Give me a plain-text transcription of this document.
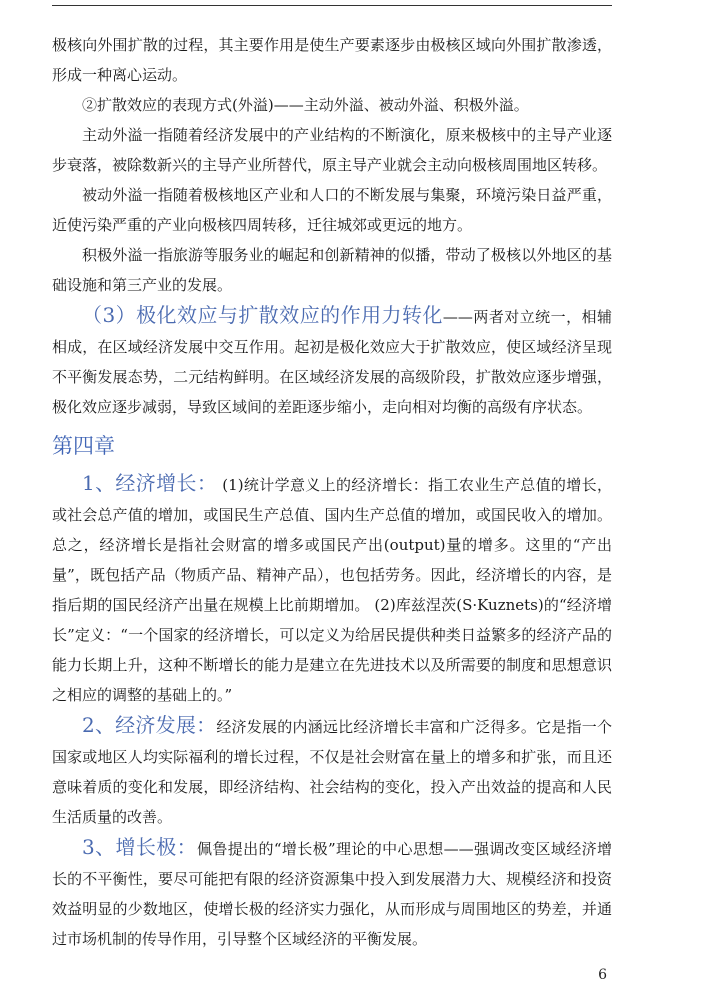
极核向外围扩散的过程，其主要作用是使生产要素逐步由极核区域向外围扩散渗透，形成一种离心运动。

②扩散效应的表现方式(外溢)——主动外溢、被动外溢、积极外溢。

主动外溢一指随着经济发展中的产业结构的不断演化，原来极核中的主导产业逐步衰落，被除数新兴的主导产业所替代，原主导产业就会主动向极核周围地区转移。

被动外溢一指随着极核地区产业和人口的不断发展与集聚，环境污染日益严重，近使污染严重的产业向极核四周转移，迁往城郊或更远的地方。

积极外溢一指旅游等服务业的崛起和创新精神的似播，带动了极核以外地区的基础设施和第三产业的发展。

（3）极化效应与扩散效应的作用力转化——两者对立统一，相辅相成，在区域经济发展中交互作用。起初是极化效应大于扩散效应，使区域经济呈现不平衡发展态势，二元结构鲜明。在区域经济发展的高级阶段，扩散效应逐步增强，极化效应逐步减弱，导致区域间的差距逐步缩小，走向相对均衡的高级有序状态。

第四章

1、经济增长： (1)统计学意义上的经济增长：指工农业生产总值的增长，或社会总产值的增加，或国民生产总值、国内生产总值的增加，或国民收入的增加。总之，经济增长是指社会财富的增多或国民产出(output)量的增多。这里的“产出量”，既包括产品（物质产品、精神产品），也包括劳务。因此，经济增长的内容，是指后期的国民经济产出量在规模上比前期增加。 (2)库兹涅茨(S·Kuznets)的“经济增长”定义：“一个国家的经济增长，可以定义为给居民提供种类日益繁多的经济产品的能力长期上升，这种不断增长的能力是建立在先进技术以及所需要的制度和思想意识之相应的调整的基础上的。”

2、经济发展：经济发展的内涵远比经济增长丰富和广泛得多。它是指一个国家或地区人均实际福利的增长过程，不仅是社会财富在量上的增多和扩张，而且还意味着质的变化和发展，即经济结构、社会结构的变化，投入产出效益的提高和人民生活质量的改善。

3、增长极：佩鲁提出的“增长极”理论的中心思想——强调改变区域经济增长的不平衡性，要尽可能把有限的经济资源集中投入到发展潜力大、规模经济和投资效益明显的少数地区，使增长极的经济实力强化，从而形成与周围地区的势差，并通过市场机制的传导作用，引导整个区域经济的平衡发展。

6
